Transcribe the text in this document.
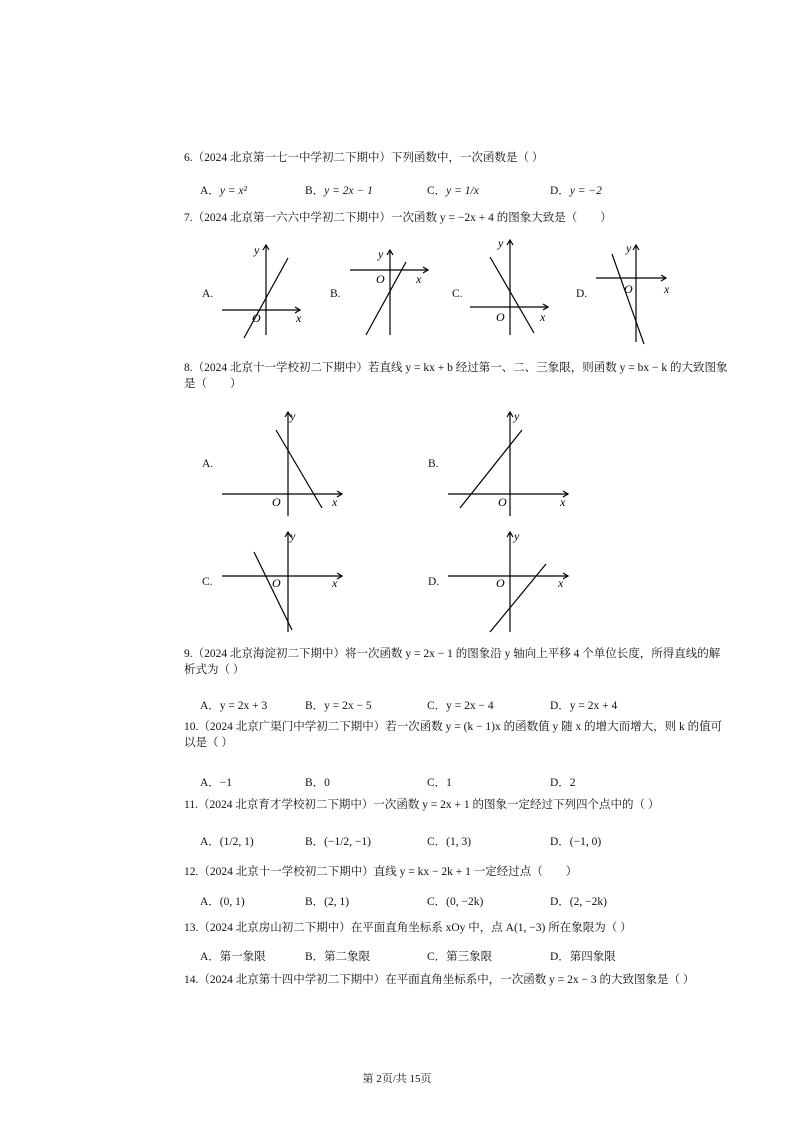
6.（2024 北京第一七一中学初二下期中）下列函数中，一次函数是（ ）
A．y = x²	B．y = 2x − 1	C．y = 1/x	D．y = −2
7.（2024 北京第一六六中学初二下期中）一次函数 y = −2x + 4 的图象大致是（　　）
A.
O	x
y
B.
O	x
y
C.
O	x
y
D.	O	x
y
8.（2024 北京十一学校初二下期中）若直线 y = kx + b 经过第一、二、三象限，则函数 y = bx − k 的大致图象
是（　　）
A.
O	x
y
B.
O	x
y
C.	O	x
y
D.	O	x
y
9.（2024 北京海淀初二下期中）将一次函数 y = 2x − 1 的图象沿 y 轴向上平移 4 个单位长度，所得直线的解
析式为（ ）
A．y = 2x + 3	B．y = 2x − 5	C．y = 2x − 4	D．y = 2x + 4
10.（2024 北京广渠门中学初二下期中）若一次函数 y = (k − 1)x 的函数值 y 随 x 的增大而增大，则 k 的值可
以是（ ）
A．−1	B．0	C．1	D．2
11.（2024 北京育才学校初二下期中）一次函数 y = 2x + 1 的图象一定经过下列四个点中的（ ）
A．(1/2, 1)	B．(−1/2, −1)	C．(1, 3)	D．(−1, 0)
12.（2024 北京十一学校初二下期中）直线 y = kx − 2k + 1 一定经过点（　　）
A．(0, 1)	B．(2, 1)	C．(0, −2k)	D．(2, −2k)
13.（2024 北京房山初二下期中）在平面直角坐标系 xOy 中，点 A(1, −3) 所在象限为（ ）
A．第一象限	B．第二象限	C．第三象限	D．第四象限
14.（2024 北京第十四中学初二下期中）在平面直角坐标系中，一次函数 y = 2x − 3 的大致图象是（ ）
第 2页/共 15页
